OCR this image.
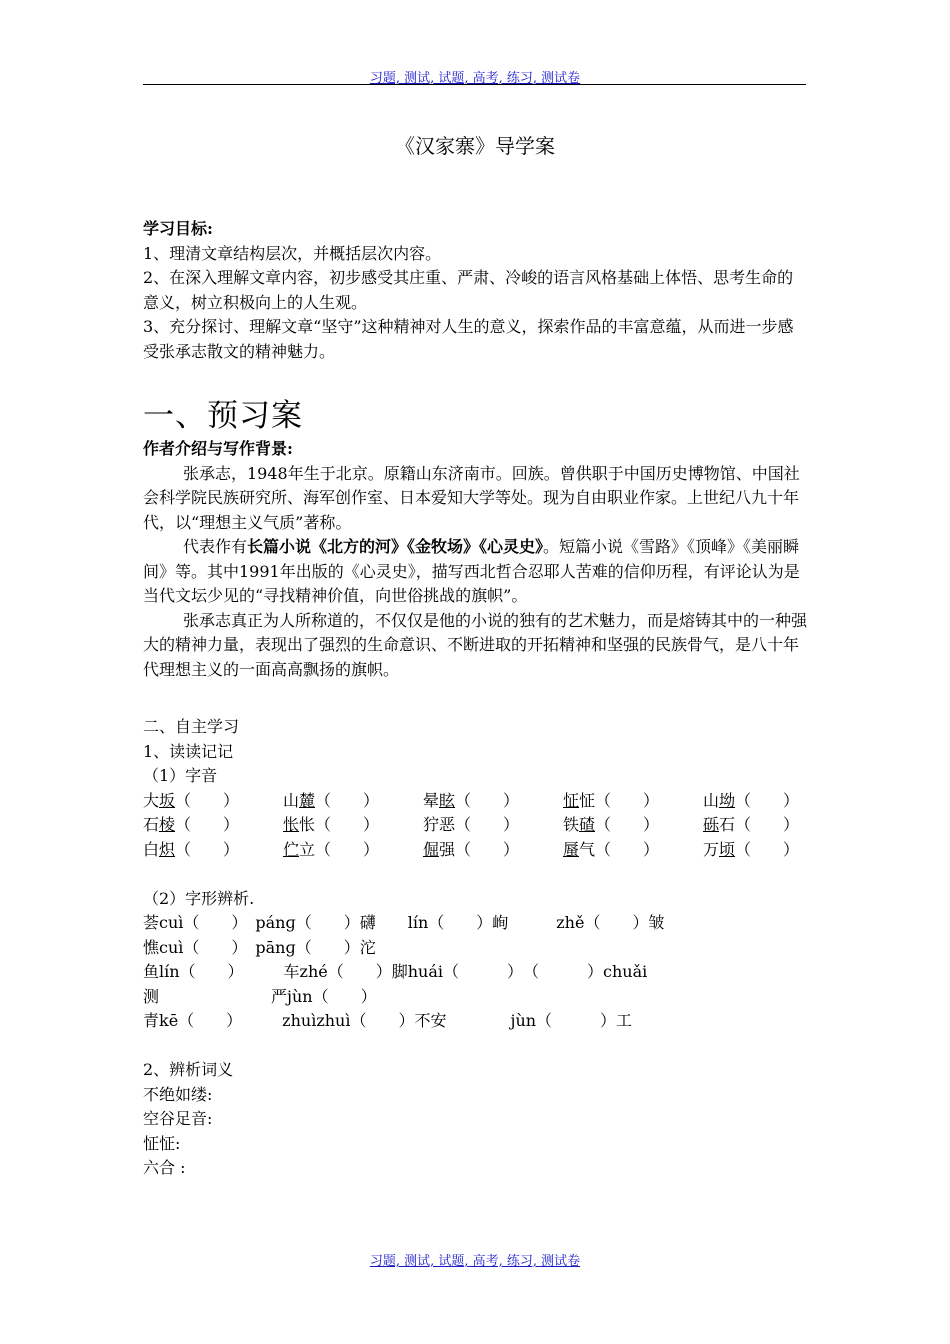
习题, 测试, 试题, 高考, 练习, 测试卷
《汉家寨》导学案
学习目标:
1、理清文章结构层次，并概括层次内容。
2、在深入理解文章内容，初步感受其庄重、严肃、冷峻的语言风格基础上体悟、思考生命的意义，树立积极向上的人生观。
3、充分探讨、理解文章“坚守”这种精神对人生的意义，探索作品的丰富意蕴，从而进一步感受张承志散文的精神魅力。
一、预习案
作者介绍与写作背景:
张承志，1948年生于北京。原籍山东济南市。回族。曾供职于中国历史博物馆、中国社会科学院民族研究所、海军创作室、日本爱知大学等处。现为自由职业作家。上世纪八九十年代，以“理想主义气质”著称。
代表作有长篇小说《北方的河》《金牧场》《心灵史》。短篇小说《雪路》《顶峰》《美丽瞬间》等。其中1991年出版的《心灵史》，描写西北哲合忍耶人苦难的信仰历程，有评论认为是当代文坛少见的“寻找精神价值，向世俗挑战的旗帜”。
张承志真正为人所称道的，不仅仅是他的小说的独有的艺术魅力，而是熔铸其中的一种强大的精神力量，表现出了强烈的生命意识、不断进取的开拓精神和坚强的民族骨气，是八十年代理想主义的一面高高飘扬的旗帜。
二、自主学习
1、读读记记
（1）字音
大坂（　　）	山麓（　　）	晕眩（　　）	怔怔（　　）	山坳（　　）
石棱（　　）	怅怅（　　）	狞恶（　　）	铁碴（　　）	砾石（　　）
白炽（　　）	伫立（　　）	倔强（　　）	蜃气（　　）	万顷（　　）
（2）字形辨析.
荟cuì（　　）　pánɡ（　　）礴　　lín（　　）峋　　　zhě（　　）皱
憔cuì（　　）　pānɡ（　　）沱
鱼lín（　　）　　　车zhé（　　）脚huái（　　　）　（　　　）chuǎi
测　　　　　　　严jùn（　　）
青kē（　　）　　　zhuìzhuì（　　）不安　　　　jùn（　　　）工
2、辨析词义
不绝如缕:
空谷足音:
怔怔:
六合 :
习题, 测试, 试题, 高考, 练习, 测试卷
